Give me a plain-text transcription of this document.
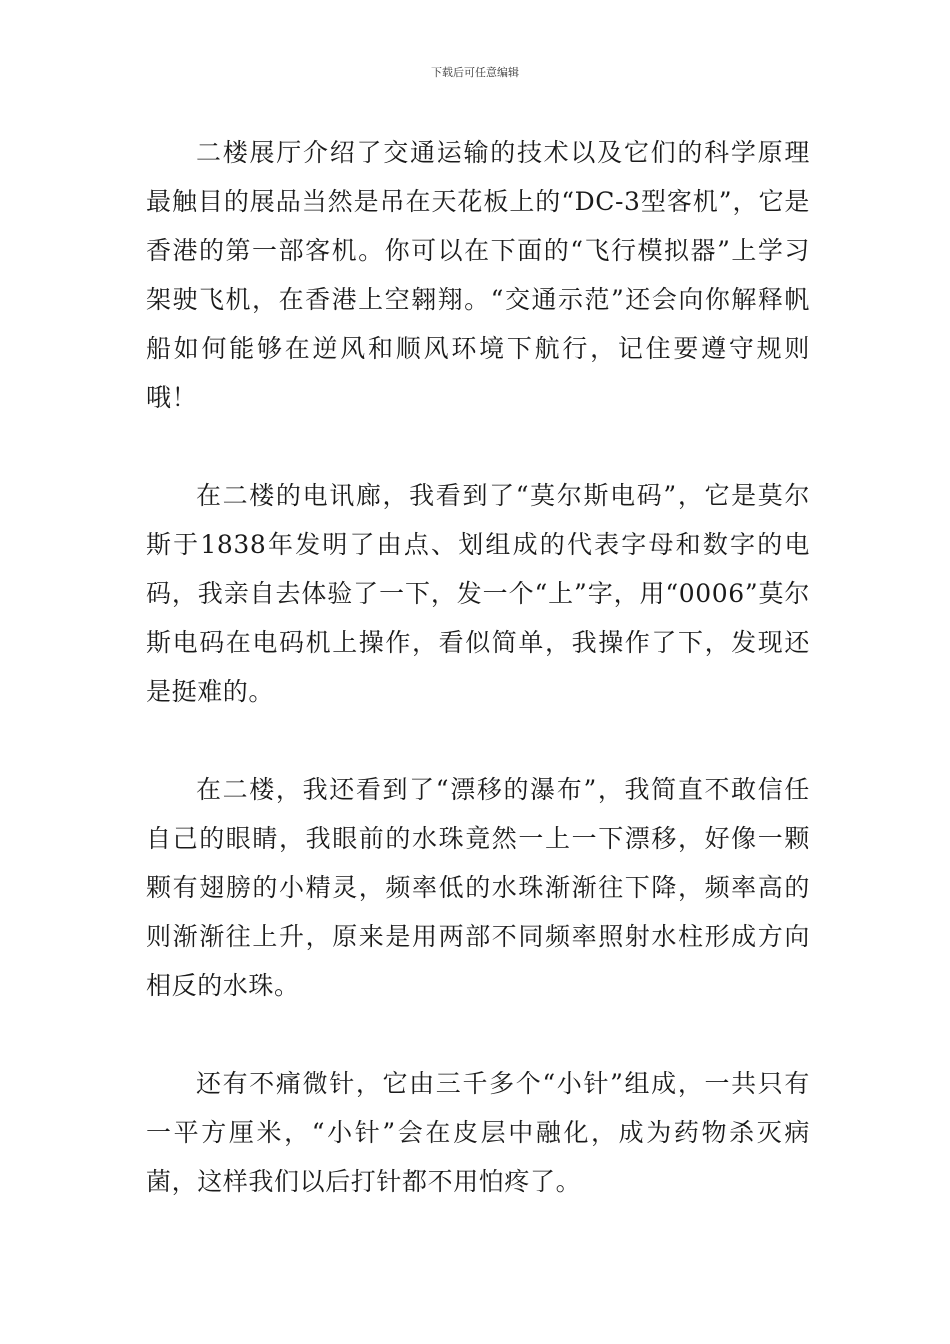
下载后可任意编辑

二楼展厅介绍了交通运输的技术以及它们的科学原理最触目的展品当然是吊在天花板上的“DC-3型客机”，它是香港的第一部客机。你可以在下面的“飞行模拟器”上学习架驶飞机，在香港上空翱翔。“交通示范”还会向你解释帆船如何能够在逆风和顺风环境下航行，记住要遵守规则哦！

在二楼的电讯廊，我看到了“莫尔斯电码”，它是莫尔斯于1838年发明了由点、划组成的代表字母和数字的电码，我亲自去体验了一下，发一个“上”字，用“0006”莫尔斯电码在电码机上操作，看似简单，我操作了下，发现还是挺难的。

在二楼，我还看到了“漂移的瀑布”，我简直不敢信任自己的眼睛，我眼前的水珠竟然一上一下漂移，好像一颗颗有翅膀的小精灵，频率低的水珠渐渐往下降，频率高的则渐渐往上升，原来是用两部不同频率照射水柱形成方向相反的水珠。

还有不痛微针，它由三千多个“小针”组成，一共只有一平方厘米，“小针”会在皮层中融化，成为药物杀灭病菌，这样我们以后打针都不用怕疼了。
